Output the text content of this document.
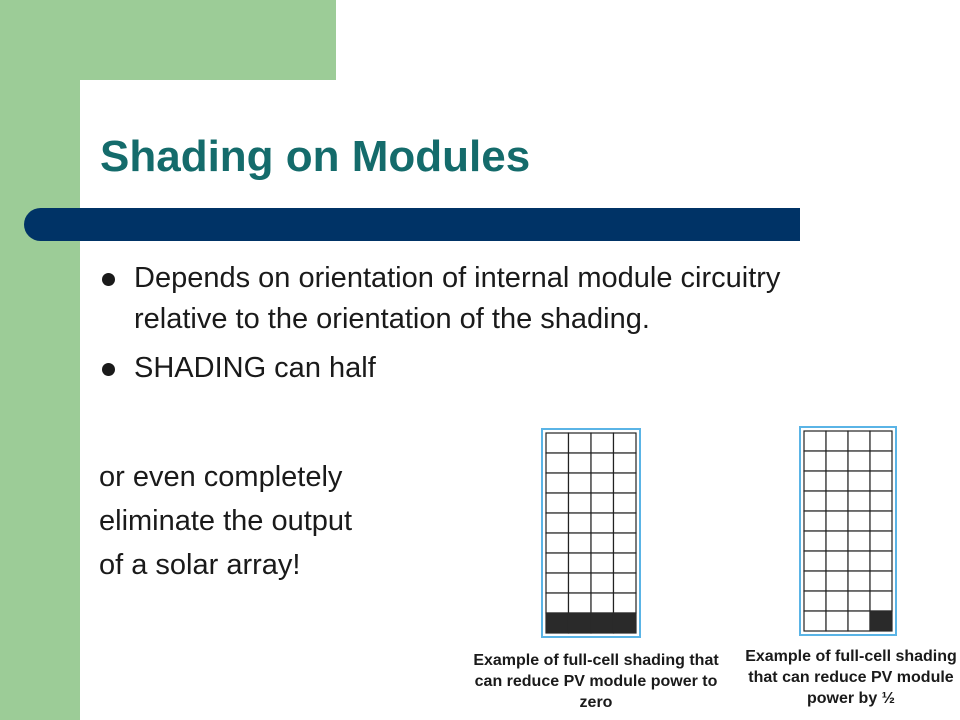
Shading on Modules
Depends on orientation of internal module circuitry relative to the orientation of the shading.
SHADING can half
or even completely
eliminate the output
of a solar array!

Example of full-cell shading that can reduce PV module power to zero

Example of full-cell shading that can reduce PV module power by ½
